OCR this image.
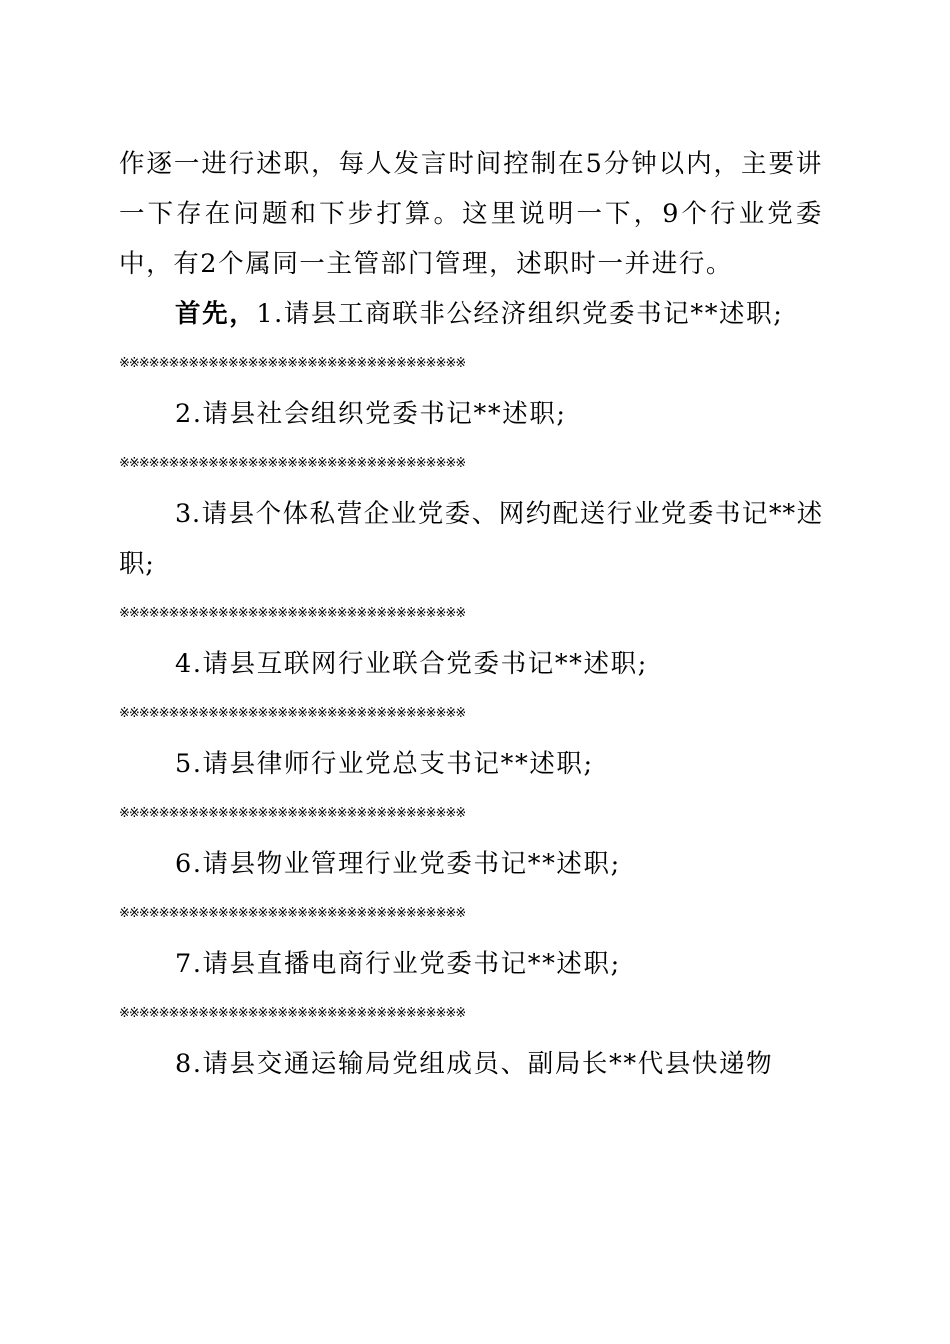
作逐一进行述职，每人发言时间控制在5分钟以内，主要讲一下存在问题和下步打算。这里说明一下，9个行业党委中，有2个属同一主管部门管理，述职时一并进行。

首先，1.请县工商联非公经济组织党委书记**述职;

※※※※※※※※※※※※※※※※※※※※※※※※※※※※※※※※※※※

2.请县社会组织党委书记**述职;

※※※※※※※※※※※※※※※※※※※※※※※※※※※※※※※※※※※

3.请县个体私营企业党委、网约配送行业党委书记**述职;

※※※※※※※※※※※※※※※※※※※※※※※※※※※※※※※※※※※

4.请县互联网行业联合党委书记**述职;

※※※※※※※※※※※※※※※※※※※※※※※※※※※※※※※※※※※

5.请县律师行业党总支书记**述职;

※※※※※※※※※※※※※※※※※※※※※※※※※※※※※※※※※※※

6.请县物业管理行业党委书记**述职;

※※※※※※※※※※※※※※※※※※※※※※※※※※※※※※※※※※※

7.请县直播电商行业党委书记**述职;

※※※※※※※※※※※※※※※※※※※※※※※※※※※※※※※※※※※

8.请县交通运输局党组成员、副局长**代县快递物
